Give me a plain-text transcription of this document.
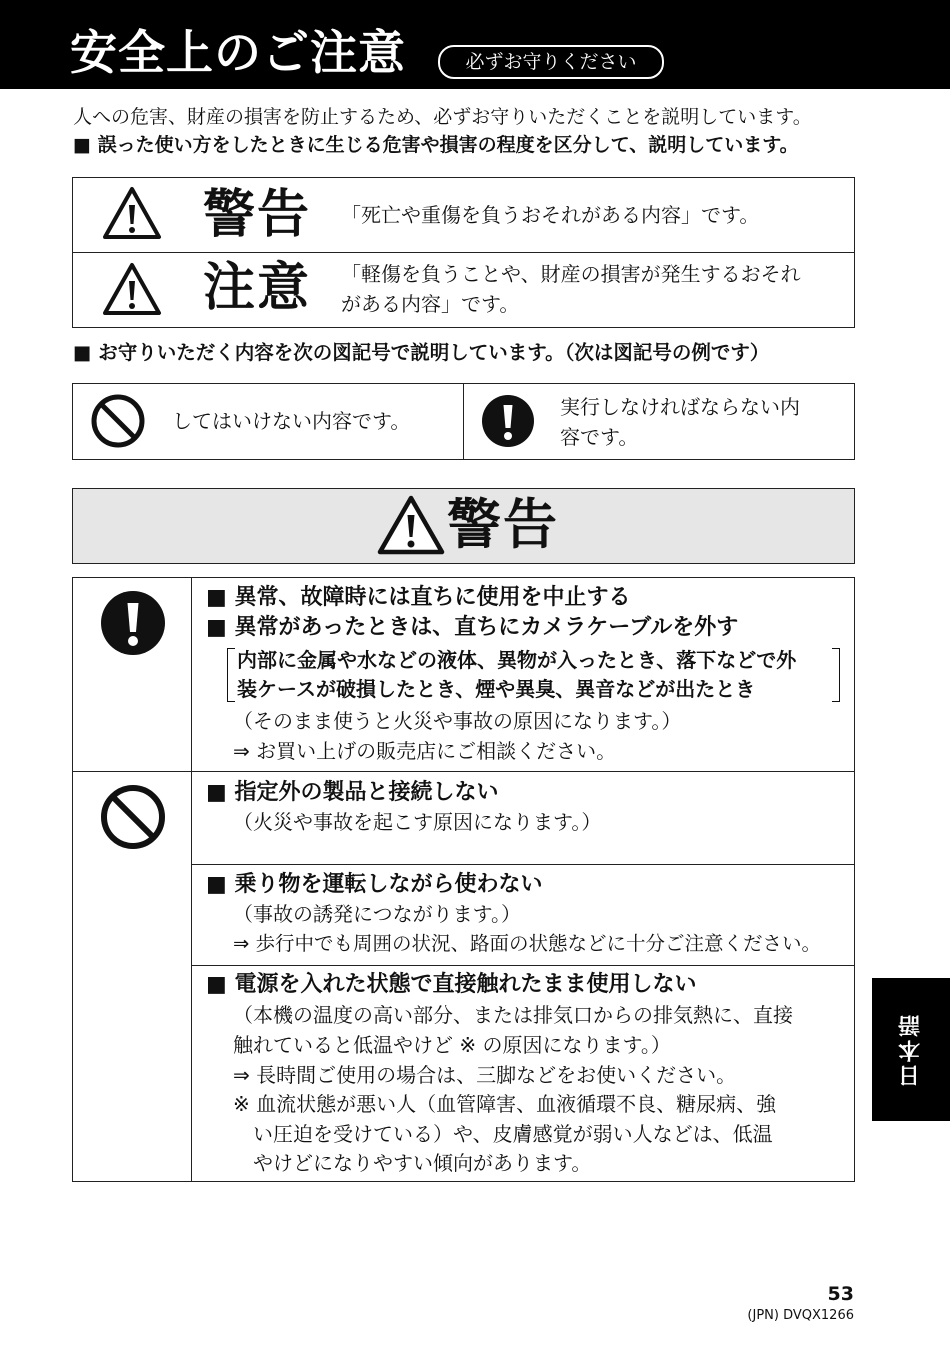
安全上のご注意	必ずお守りください
人への危害、財産の損害を防止するため、必ずお守りいただくことを説明しています。
■ 誤った使い方をしたときに生じる危害や損害の程度を区分して、説明しています。
警告 「死亡や重傷を負うおそれがある内容」です。
注意 「軽傷を負うことや、財産の損害が発生するおそれ
がある内容」です。
■ お守りいただく内容を次の図記号で説明しています。（次は図記号の例です）
してはいけない内容です。
実行しなければならない内
容です。
警告
■ 異常、故障時には直ちに使用を中止する
■ 異常があったときは、直ちにカメラケーブルを外す
内部に金属や水などの液体、異物が入ったとき、落下などで外
装ケースが破損したとき、煙や異臭、異音などが出たとき
（そのまま使うと火災や事故の原因になります。）
⇒ お買い上げの販売店にご相談ください。
■ 指定外の製品と接続しない
（火災や事故を起こす原因になります。）
■ 乗り物を運転しながら使わない
（事故の誘発につながります。）
⇒ 歩行中でも周囲の状況、路面の状態などに十分ご注意ください。
■ 電源を入れた状態で直接触れたまま使用しない
（本機の温度の高い部分、または排気口からの排気熱に、直接
触れていると低温やけど ※ の原因になります。）
⇒ 長時間ご使用の場合は、三脚などをお使いください。
※ 血流状態が悪い人（血管障害、血液循環不良、糖尿病、強
　い圧迫を受けている）や、皮膚感覚が弱い人などは、低温
　やけどになりやすい傾向があります。
日本語
53
(JPN) DVQX1266
